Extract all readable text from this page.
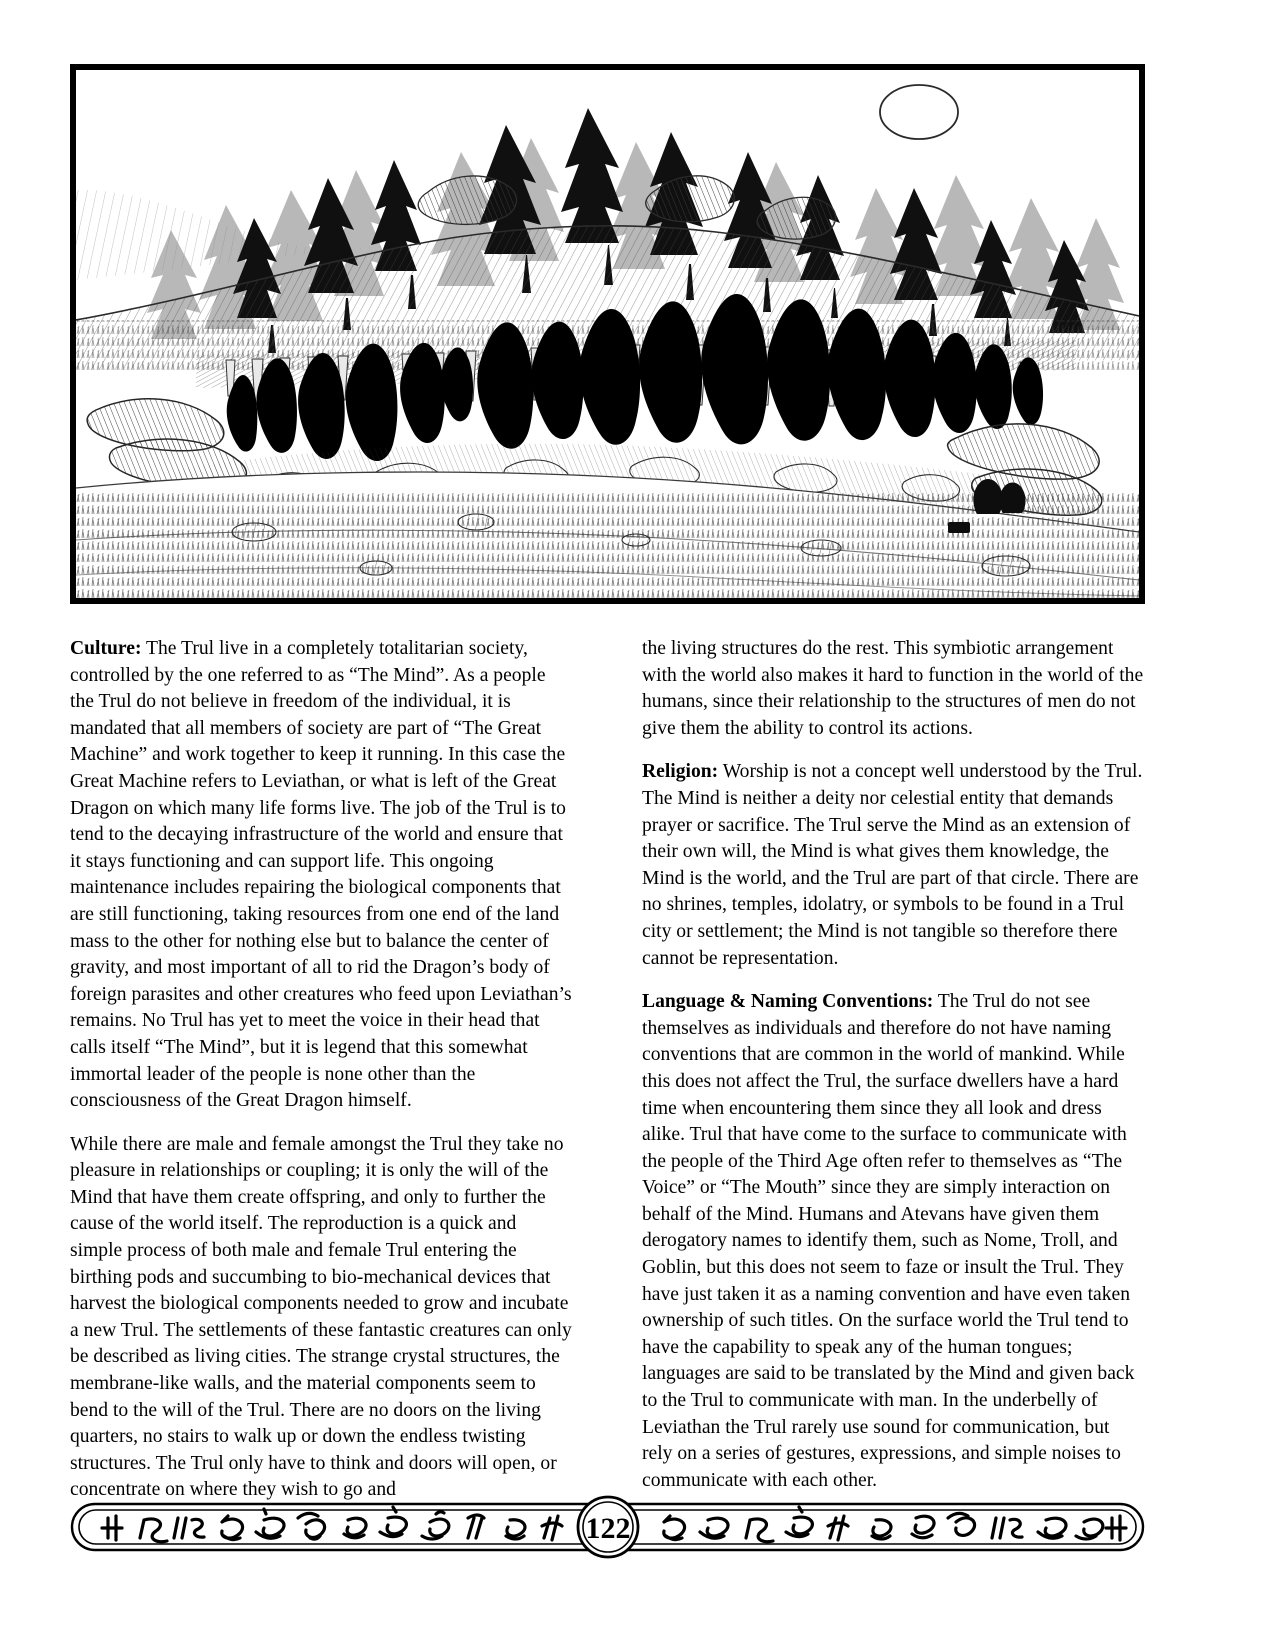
Culture: The Trul live in a completely totalitarian society, controlled by the one referred to as “The Mind”. As a people the Trul do not believe in freedom of the individual, it is mandated that all members of society are part of “The Great Machine” and work together to keep it running. In this case the Great Machine refers to Leviathan, or what is left of the Great Dragon on which many life forms live. The job of the Trul is to tend to the decaying infrastructure of the world and ensure that it stays functioning and can support life. This ongoing maintenance includes repairing the biological components that are still functioning, taking resources from one end of the land mass to the other for nothing else but to balance the center of gravity, and most important of all to rid the Dragon’s body of foreign parasites and other creatures who feed upon Leviathan’s remains. No Trul has yet to meet the voice in their head that calls itself “The Mind”, but it is legend that this somewhat immortal leader of the people is none other than the consciousness of the Great Dragon himself.

While there are male and female amongst the Trul they take no pleasure in relationships or coupling; it is only the will of the Mind that have them create offspring, and only to further the cause of the world itself. The reproduction is a quick and simple process of both male and female Trul entering the birthing pods and succumbing to bio-mechanical devices that harvest the biological components needed to grow and incubate a new Trul. The settlements of these fantastic creatures can only be described as living cities. The strange crystal structures, the membrane-like walls, and the material components seem to bend to the will of the Trul. There are no doors on the living quarters, no stairs to walk up or down the endless twisting structures. The Trul only have to think and doors will open, or concentrate on where they wish to go and

the living structures do the rest. This symbiotic arrangement with the world also makes it hard to function in the world of the humans, since their relationship to the structures of men do not give them the ability to control its actions.

Religion: Worship is not a concept well understood by the Trul. The Mind is neither a deity nor celestial entity that demands prayer or sacrifice. The Trul serve the Mind as an extension of their own will, the Mind is what gives them knowledge, the Mind is the world, and the Trul are part of that circle. There are no shrines, temples, idolatry, or symbols to be found in a Trul city or settlement; the Mind is not tangible so therefore there cannot be representation.

Language & Naming Conventions: The Trul do not see themselves as individuals and therefore do not have naming conventions that are common in the world of mankind. While this does not affect the Trul, the surface dwellers have a hard time when encountering them since they all look and dress alike. Trul that have come to the surface to communicate with the people of the Third Age often refer to themselves as “The Voice” or “The Mouth” since they are simply interaction on behalf of the Mind. Humans and Atevans have given them derogatory names to identify them, such as Nome, Troll, and Goblin, but this does not seem to faze or insult the Trul. They have just taken it as a naming convention and have even taken ownership of such titles. On the surface world the Trul tend to have the capability to speak any of the human tongues; languages are said to be translated by the Mind and given back to the Trul to communicate with man. In the underbelly of Leviathan the Trul rarely use sound for communication, but rely on a series of gestures, expressions, and simple noises to communicate with each other.

122
